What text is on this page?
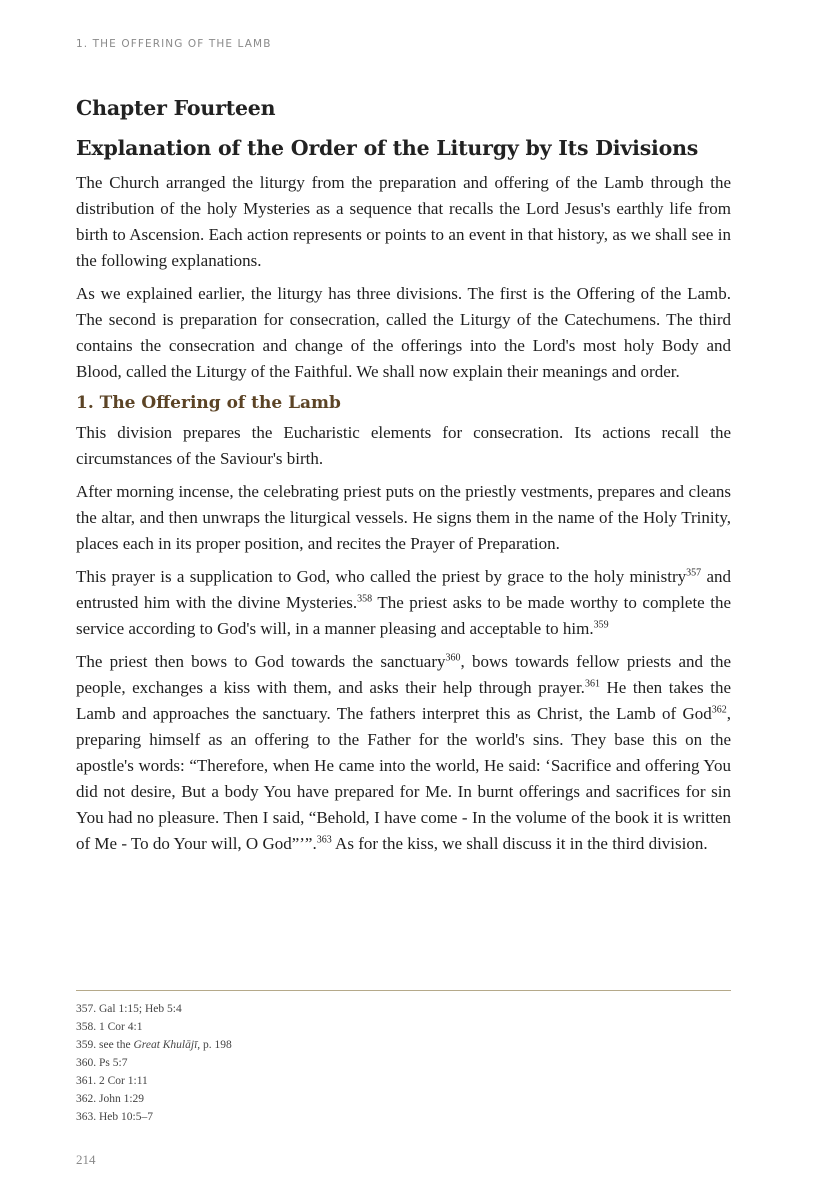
1. THE OFFERING OF THE LAMB
Chapter Fourteen
Explanation of the Order of the Liturgy by Its Divisions

The Church arranged the liturgy from the preparation and offering of the Lamb through the distribution of the holy Mysteries as a sequence that recalls the Lord Jesus's earthly life from birth to Ascension. Each action represents or points to an event in that history, as we shall see in the following explanations.

As we explained earlier, the liturgy has three divisions. The first is the Offering of the Lamb. The second is preparation for consecration, called the Liturgy of the Catechumens. The third contains the consecration and change of the offerings into the Lord's most holy Body and Blood, called the Liturgy of the Faithful. We shall now explain their meanings and order.

1. The Offering of the Lamb

This division prepares the Eucharistic elements for consecration. Its actions recall the circumstances of the Saviour's birth.

After morning incense, the celebrating priest puts on the priestly vestments, prepares and cleans the altar, and then unwraps the liturgical vessels. He signs them in the name of the Holy Trinity, places each in its proper position, and recites the Prayer of Preparation.

This prayer is a supplication to God, who called the priest by grace to the holy ministry$^{357}$ and entrusted him with the divine Mysteries.$^{358}$ The priest asks to be made worthy to complete the service according to God's will, in a manner pleasing and acceptable to him.$^{359}$

The priest then bows to God towards the sanctuary$^{360}$, bows towards fellow priests and the people, exchanges a kiss with them, and asks their help through prayer.$^{361}$ He then takes the Lamb and approaches the sanctuary. The fathers interpret this as Christ, the Lamb of God$^{362}$, preparing himself as an offering to the Father for the world's sins. They base this on the apostle's words: “Therefore, when He came into the world, He said: ‘Sacrifice and offering You did not desire, But a body You have prepared for Me. In burnt offerings and sacrifices for sin You had no pleasure. Then I said, “Behold, I have come - In the volume of the book it is written of Me - To do Your will, O God”’”.$^{363}$ As for the kiss, we shall discuss it in the third division.

357. Gal 1:15; Heb 5:4
358. 1 Cor 4:1
359. see the Great Khulājī, p. 198
360. Ps 5:7
361. 2 Cor 1:11
362. John 1:29
363. Heb 10:5–7
214
